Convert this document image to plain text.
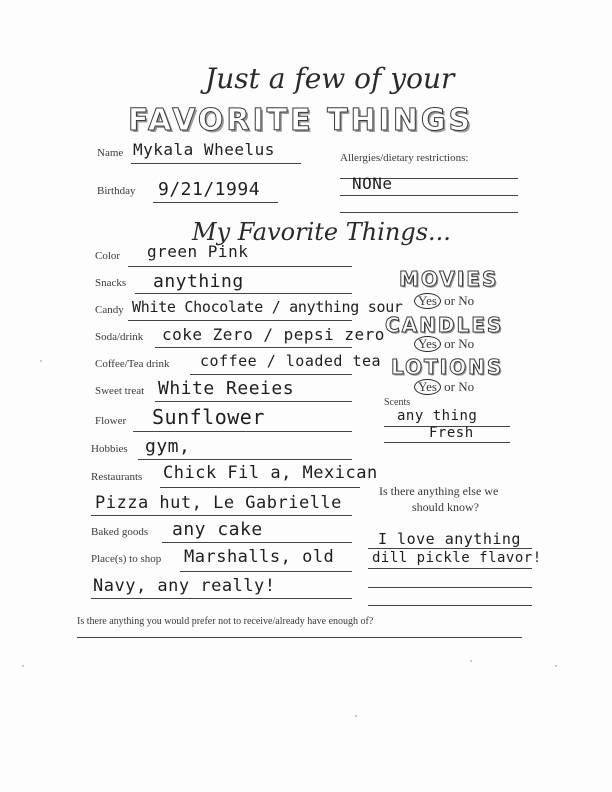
Just a few of your
FAVORITE THINGS
Name Mykala Wheelus	Allergies/dietary restrictions:
NONe
Birthday 9/21/1994
My Favorite Things...
Color green Pink
Snacks anything
Candy White Chocolate / anything sour
Soda/drink coke Zero / pepsi zero
Coffee/Tea drink coffee / loaded tea
Sweet treat White Reeies
Flower Sunflower
Hobbies gym,
Restaurants Chick Fil a, Mexican
Pizza hut, Le Gabrielle
Baked goods any cake
Place(s) to shop Marshalls, old
Navy, any really!
MOVIES
Yes or No
CANDLES
Yes or No
LOTIONS
Yes or No
Scents
any thing
Fresh
Is there anything else we
should know?
I love anything
dill pickle flavor!
Is there anything you would prefer not to receive/already have enough of?
